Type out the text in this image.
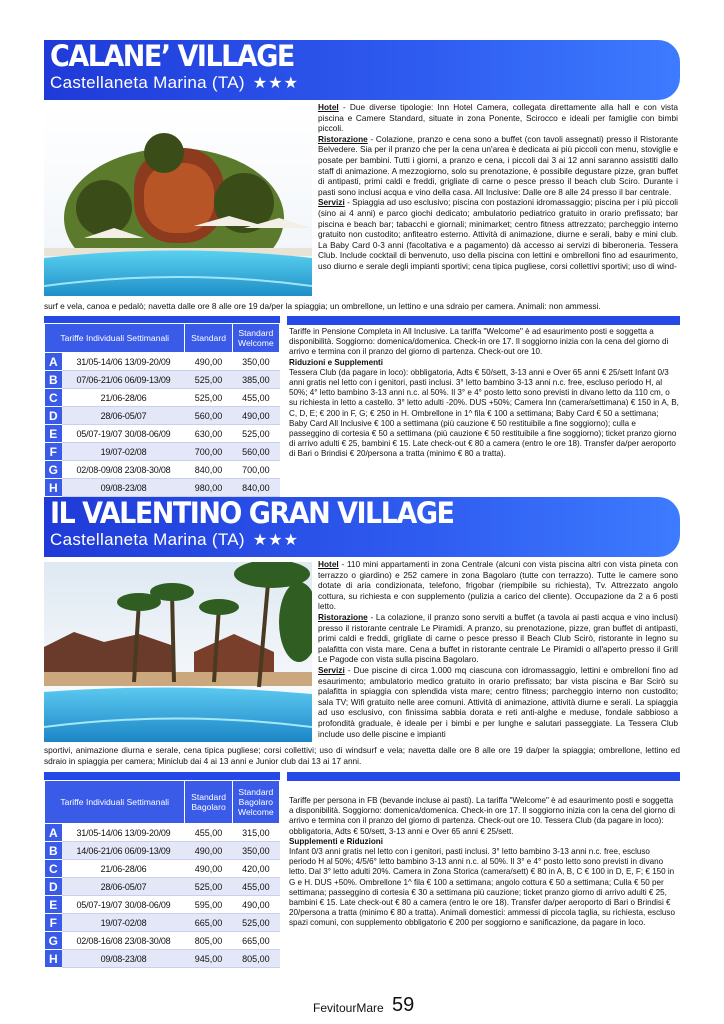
CALANE’ VILLAGE
Castellaneta Marina (TA) ★★★
Hotel - Due diverse tipologie: Inn Hotel Camera, collegata direttamente alla hall e con vista piscina e Camere Standard, situate in zona Ponente, Scirocco e ideali per famiglie con bimbi piccoli.
Ristorazione - Colazione, pranzo e cena sono a buffet (con tavoli assegnati) presso il Ristorante Belvedere. Sia per il pranzo che per la cena un'area è dedicata ai più piccoli con menu, stoviglie e posate per bambini. Tutti i giorni, a pranzo e cena, i piccoli dai 3 ai 12 anni saranno assistiti dallo staff di animazione. A mezzogiorno, solo su prenotazione, è possibile degustare pizze, gran buffet di antipasti, primi caldi e freddi, grigliate di carne o pesce presso il beach club Sciro. Durante i pasti sono inclusi acqua e vino della casa. All Inclusive: Dalle ore 8 alle 24 presso il bar centrale.
Servizi - Spiaggia ad uso esclusivo; piscina con postazioni idromassaggio; piscina per i più piccoli (sino ai 4 anni) e parco giochi dedicato; ambulatorio pediatrico gratuito in orario prefissato; bar piscina e beach bar; tabacchi e giornali; minimarket; centro fitness attrezzato; parcheggio interno gratuito non custodito; anfiteatro esterno. Attività di animazione, diurne e serali, baby e mini club. La Baby Card 0-3 anni (facoltativa e a pagamento) dà accesso ai servizi di biberoneria. Tessera Club. Include cocktail di benvenuto, uso della piscina con lettini e ombrelloni fino ad esaurimento, uso diurno e serale degli impianti sportivi; cena tipica pugliese, corsi collettivi sportivi; uso di wind-
surf e vela, canoa e pedalò; navetta dalle ore 8 alle ore 19 da/per la spiaggia; un ombrellone, un lettino e una sdraio per camera. Animali: non ammessi.
Tariffe Individuali Settimanali		Standard	Standard Welcome
A	31/05-14/06 13/09-20/09	490,00	350,00
B	07/06-21/06 06/09-13/09	525,00	385,00
C	21/06-28/06	525,00	455,00
D	28/06-05/07	560,00	490,00
E	05/07-19/07 30/08-06/09	630,00	525,00
F	19/07-02/08	700,00	560,00
G	02/08-09/08 23/08-30/08	840,00	700,00
H	09/08-23/08	980,00	840,00
Tariffe in Pensione Completa in All Inclusive. La tariffa "Welcome" è ad esaurimento posti e soggetta a disponibilità. Soggiorno: domenica/domenica. Check-in ore 17. Il soggiorno inizia con la cena del giorno di arrivo e termina con il pranzo del giorno di partenza. Check-out ore 10.
Riduzioni e Supplementi
Tessera Club (da pagare in loco): obbligatoria, Adts € 50/sett, 3-13 anni e Over 65 anni € 25/sett Infant 0/3 anni gratis nel letto con i genitori, pasti inclusi. 3° letto bambino 3-13 anni n.c. free, escluso periodo H, al 50%; 4° letto bambino 3-13 anni n.c. al 50%. Il 3° e 4° posto letto sono previsti in divano letto da 110 cm, o su richiesta in letto a castello. 3° letto adulti -20%. DUS +50%; Camera Inn (camera/settimana) € 150 in A, B, C, D, E; € 200 in F, G; € 250 in H. Ombrellone in 1^ fila € 100 a settimana; Baby Card € 50 a settimana; Baby Card All Inclusive € 100 a settimana (più cauzione € 50 restituibile a fine soggiorno); culla e passeggino di cortesia € 50 a settimana (più cauzione € 50 restituibile a fine soggiorno); ticket pranzo giorno di arrivo adulti € 25, bambini € 15. Late check-out € 80 a camera (entro le ore 18). Transfer da/per aeroporto di Bari o Brindisi € 20/persona a tratta (minimo € 80 a tratta).
IL VALENTINO GRAN VILLAGE
Castellaneta Marina (TA) ★★★
Hotel - 110 mini appartamenti in zona Centrale (alcuni con vista piscina altri con vista pineta con terrazzo o giardino) e 252 camere in zona Bagolaro (tutte con terrazzo). Tutte le camere sono dotate di aria condizionata, telefono, frigobar (riempibile su richiesta), Tv. Attrezzato angolo cottura, su richiesta e con supplemento (pulizia a carico del cliente). Occupazione da 2 a 6 posti letto.
Ristorazione - La colazione, il pranzo sono serviti a buffet (a tavola ai pasti acqua e vino inclusi) presso il ristorante centrale Le Piramidi. A pranzo, su prenotazione, pizze, gran buffet di antipasti, primi caldi e freddi, grigliate di carne o pesce presso il Beach Club Scirò, ristorante in legno su palafitta con vista mare. Cena a buffet in ristorante centrale Le Piramidi o all'aperto presso il Grill Le Pagode con vista sulla piscina Bagolaro.
Servizi - Due piscine di circa 1.000 mq ciascuna con idromassaggio, lettini e ombrelloni fino ad esaurimento; ambulatorio medico gratuito in orario prefissato; bar vista piscina e Bar Scirò su palafitta in spiaggia con splendida vista mare; centro fitness; parcheggio interno non custodito; sala TV; Wifi gratuito nelle aree comuni. Attività di animazione, attività diurne e serali. La spiaggia ad uso esclusivo, con finissima sabbia dorata e reti anti-alghe e meduse, fondale sabbioso a profondità graduale, è ideale per i bimbi e per lunghe e salutari passeggiate. La Tessera Club include uso delle piscine e impianti
sportivi, animazione diurna e serale, cena tipica pugliese; corsi collettivi; uso di windsurf e vela; navetta dalle ore 8 alle ore 19 da/per la spiaggia; ombrellone, lettino ed sdraio in spiaggia per camera; Miniclub dai 4 ai 13 anni e Junior club dai 13 ai 17 anni.
Tariffe Individuali Settimanali		Standard Bagolaro	Standard Bagolaro Welcome
A	31/05-14/06 13/09-20/09	455,00	315,00
B	14/06-21/06 06/09-13/09	490,00	350,00
C	21/06-28/06	490,00	420,00
D	28/06-05/07	525,00	455,00
E	05/07-19/07 30/08-06/09	595,00	490,00
F	19/07-02/08	665,00	525,00
G	02/08-16/08 23/08-30/08	805,00	665,00
H	09/08-23/08	945,00	805,00
Tariffe per persona in FB (bevande incluse ai pasti). La tariffa "Welcome" è ad esaurimento posti e soggetta a disponibilità. Soggiorno: domenica/domenica. Check-in ore 17. Il soggiorno inizia con la cena del giorno di arrivo e termina con il pranzo del giorno di partenza. Check-out ore 10. Tessera Club (da pagare in loco): obbligatoria, Adts € 50/sett, 3-13 anni e Over 65 anni € 25/sett.
Supplementi e Riduzioni
Infant 0/3 anni gratis nel letto con i genitori, pasti inclusi. 3° letto bambino 3-13 anni n.c. free, escluso periodo H al 50%; 4/5/6° letto bambino 3-13 anni n.c. al 50%. Il 3° e 4° posto letto sono previsti in divano letto. Dal 3° letto adulti 20%. Camera in Zona Storica (camera/sett) € 80 in A, B, C € 100 in D, E, F; € 150 in G e H. DUS +50%. Ombrellone 1^ fila € 100 a settimana; angolo cottura € 50 a settimana; Culla € 50 per settimana; passeggino di cortesia € 30 a settimana più cauzione; ticket pranzo giorno di arrivo adulti € 25, bambini € 15. Late check-out € 80 a camera (entro le ore 18). Transfer da/per aeroporto di Bari o Brindisi € 20/persona a tratta (minimo € 80 a tratta). Animali domestici: ammessi di piccola taglia, su richiesta, escluso spazi comuni, con supplemento obbligatorio € 200 per soggiorno e sanificazione, da pagare in loco.
FevitourMare 59
